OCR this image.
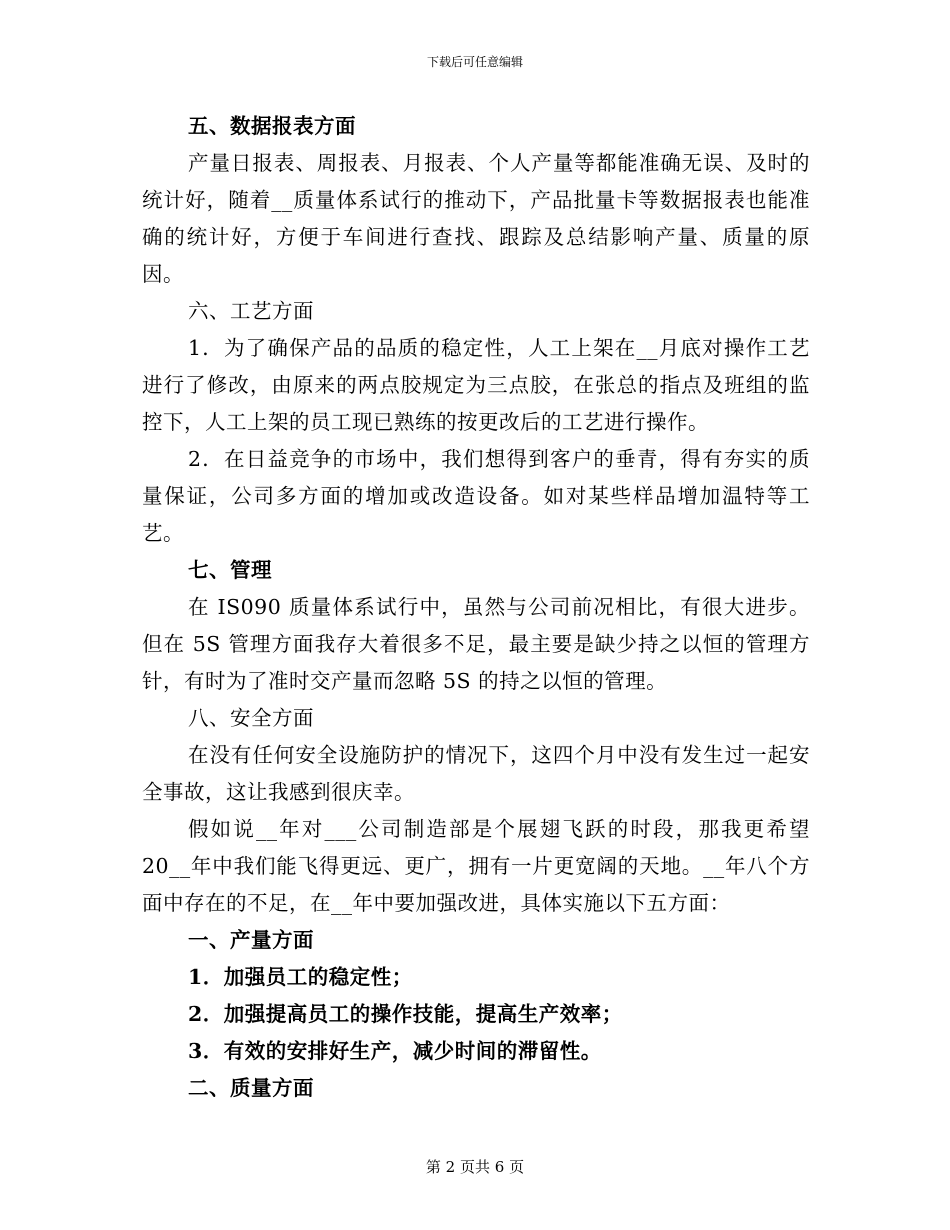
下载后可任意编辑

五、数据报表方面

产量日报表、周报表、月报表、个人产量等都能准确无误、及时的统计好，随着__质量体系试行的推动下，产品批量卡等数据报表也能准确的统计好，方便于车间进行查找、跟踪及总结影响产量、质量的原因。

六、工艺方面

1．为了确保产品的品质的稳定性，人工上架在__月底对操作工艺进行了修改，由原来的两点胶规定为三点胶，在张总的指点及班组的监控下，人工上架的员工现已熟练的按更改后的工艺进行操作。

2．在日益竞争的市场中，我们想得到客户的垂青，得有夯实的质量保证，公司多方面的增加或改造设备。如对某些样品增加温特等工艺。

七、管理

在 IS090 质量体系试行中，虽然与公司前况相比，有很大进步。但在 5S 管理方面我存大着很多不足，最主要是缺少持之以恒的管理方针，有时为了准时交产量而忽略 5S 的持之以恒的管理。

八、安全方面

在没有任何安全设施防护的情况下，这四个月中没有发生过一起安全事故，这让我感到很庆幸。

假如说__年对___公司制造部是个展翅飞跃的时段，那我更希望 20__年中我们能飞得更远、更广，拥有一片更宽阔的天地。__年八个方面中存在的不足，在__年中要加强改进，具体实施以下五方面：

一、产量方面

1．加强员工的稳定性；

2．加强提高员工的操作技能，提高生产效率；

3．有效的安排好生产，减少时间的滞留性。

二、质量方面

第 2 页共 6 页
